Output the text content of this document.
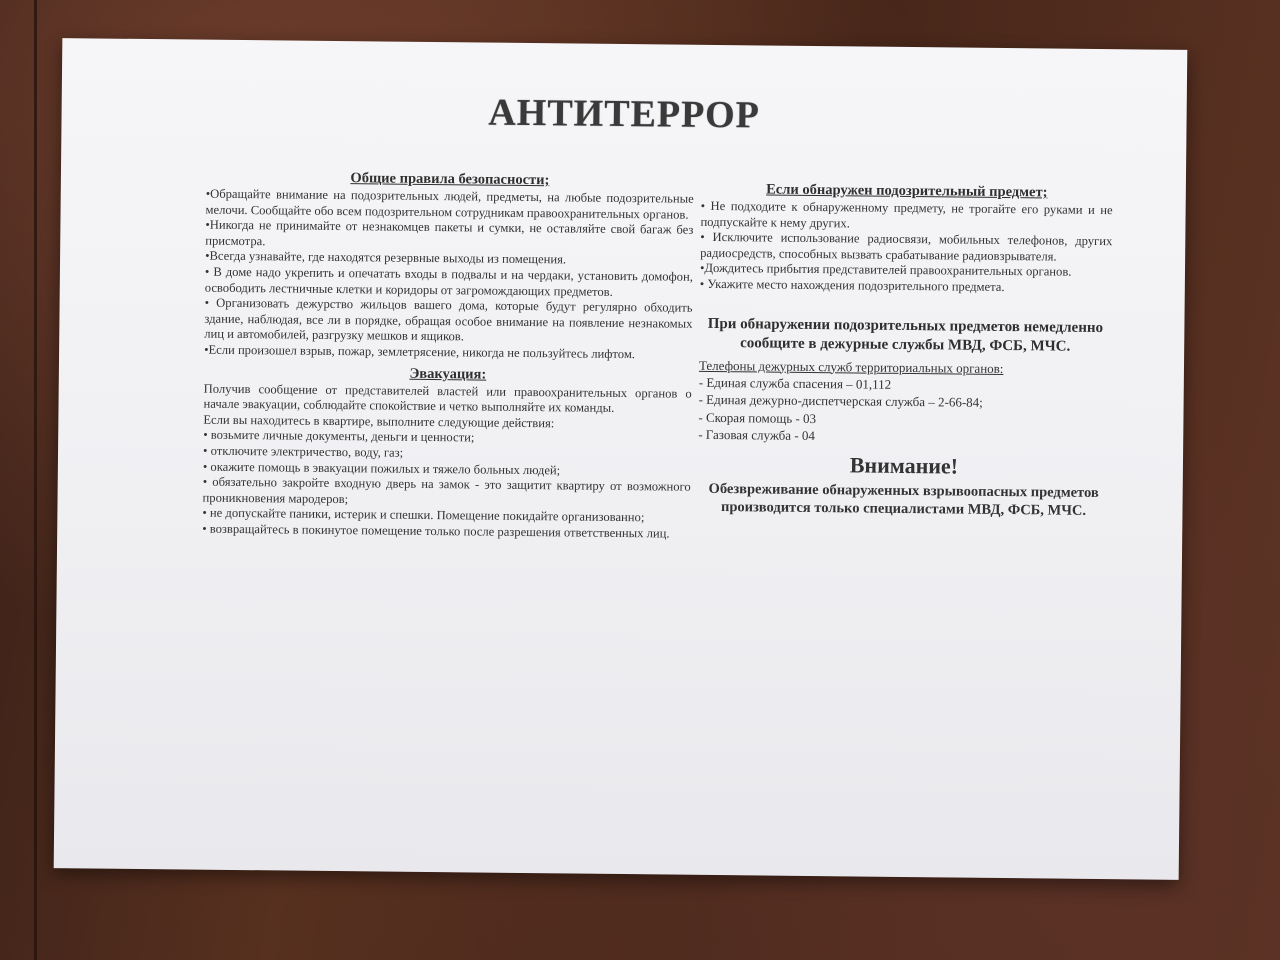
АНТИТЕРРОР

Общие правила безопасности;

•Обращайте внимание на подозрительных людей, предметы, на любые подозрительные мелочи. Сообщайте обо всем подозрительном сотрудникам правоохранительных органов.

•Никогда не принимайте от незнакомцев пакеты и сумки, не оставляйте свой багаж без присмотра.

•Всегда узнавайте, где находятся резервные выходы из помещения.

• В доме надо укрепить и опечатать входы в подвалы и на чердаки, установить домофон, освободить лестничные клетки и коридоры от загромождающих предметов.

• Организовать дежурство жильцов вашего дома, которые будут регулярно обходить здание, наблюдая, все ли в порядке, обращая особое внимание на появление незнакомых лиц и автомобилей, разгрузку мешков и ящиков.

•Если произошел взрыв, пожар, землетрясение, никогда не пользуйтесь лифтом.

Эвакуация:

Получив сообщение от представителей властей или правоохранительных органов о начале эвакуации, соблюдайте спокойствие и четко выполняйте их команды.

Если вы находитесь в квартире, выполните следующие действия:

• возьмите личные документы, деньги и ценности;

• отключите электричество, воду, газ;

• окажите помощь в эвакуации пожилых и тяжело больных людей;

• обязательно закройте входную дверь на замок - это защитит квартиру от возможного проникновения мародеров;

• не допускайте паники, истерик и спешки. Помещение покидайте организованно;

• возвращайтесь в покинутое помещение только после разрешения ответственных лиц.

Если обнаружен подозрительный предмет;

• Не подходите к обнаруженному предмету, не трогайте его руками и не подпускайте к нему других.

• Исключите использование радиосвязи, мобильных телефонов, других радиосредств, способных вызвать срабатывание радиовзрывателя.

•Дождитесь прибытия представителей правоохранительных органов.

• Укажите место нахождения подозрительного предмета.

При обнаружении подозрительных предметов немедленно сообщите в дежурные службы МВД, ФСБ, МЧС.

Телефоны дежурных служб территориальных органов:

- Единая служба спасения – 01,112

- Единая дежурно-диспетчерская служба – 2-66-84;

- Скорая помощь - 03

- Газовая служба - 04

Внимание!

Обезвреживание обнаруженных взрывоопасных предметов производится только специалистами МВД, ФСБ, МЧС.
